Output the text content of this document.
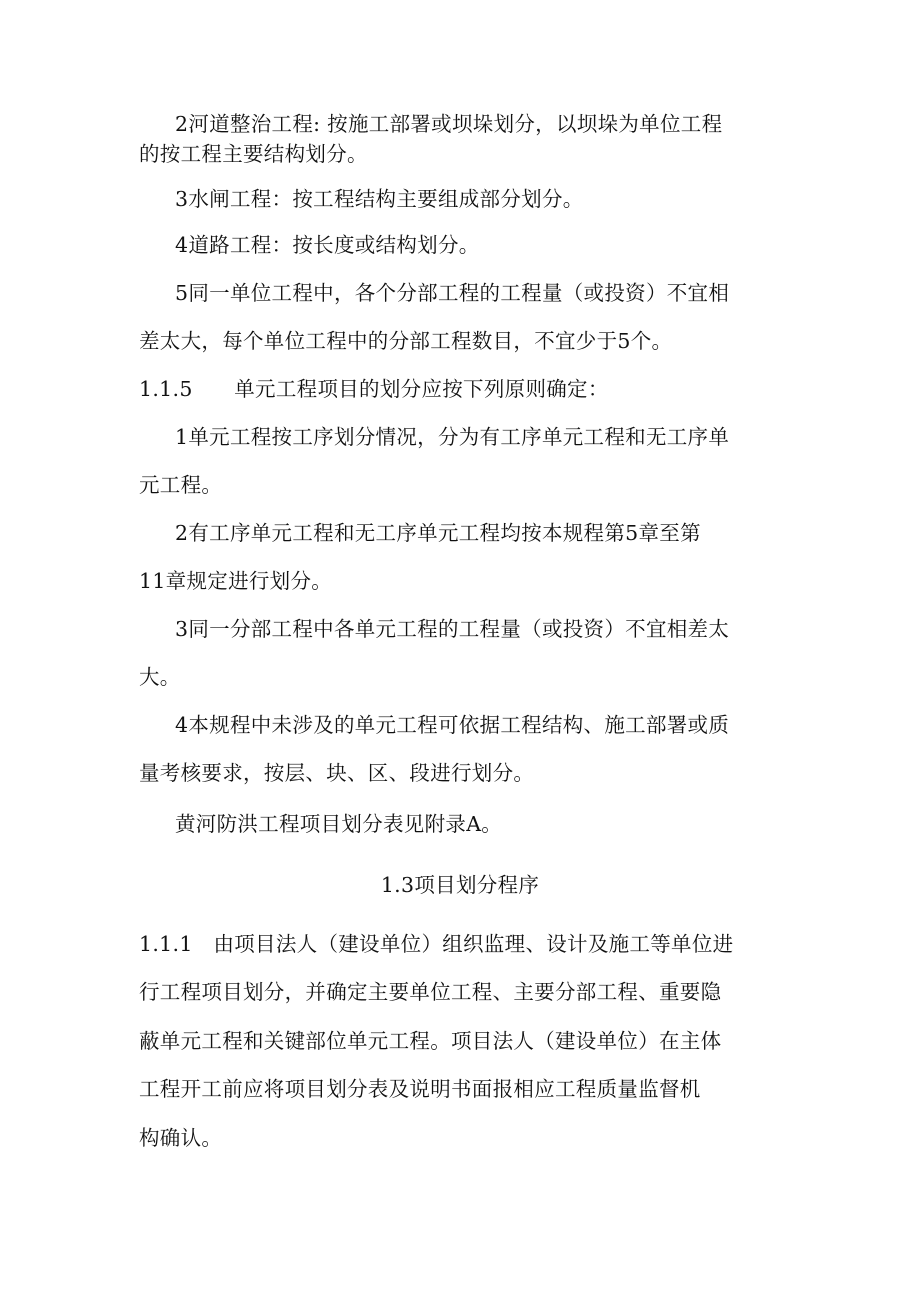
2河道整治工程: 按施工部署或坝垛划分，以坝垛为单位工程
的按工程主要结构划分。
3水闸工程：按工程结构主要组成部分划分。
4道路工程：按长度或结构划分。
5同一单位工程中，各个分部工程的工程量（或投资）不宜相
差太大，每个单位工程中的分部工程数目，不宜少于5个。
1.1.5　　单元工程项目的划分应按下列原则确定：
1单元工程按工序划分情况，分为有工序单元工程和无工序单
元工程。
2有工序单元工程和无工序单元工程均按本规程第5章至第
11章规定进行划分。
3同一分部工程中各单元工程的工程量（或投资）不宜相差太
大。
4本规程中未涉及的单元工程可依据工程结构、施工部署或质
量考核要求，按层、块、区、段进行划分。
黄河防洪工程项目划分表见附录A。
1.3项目划分程序
1.1.1　由项目法人（建设单位）组织监理、设计及施工等单位进
行工程项目划分，并确定主要单位工程、主要分部工程、重要隐
蔽单元工程和关键部位单元工程。项目法人（建设单位）在主体
工程开工前应将项目划分表及说明书面报相应工程质量监督机
构确认。
